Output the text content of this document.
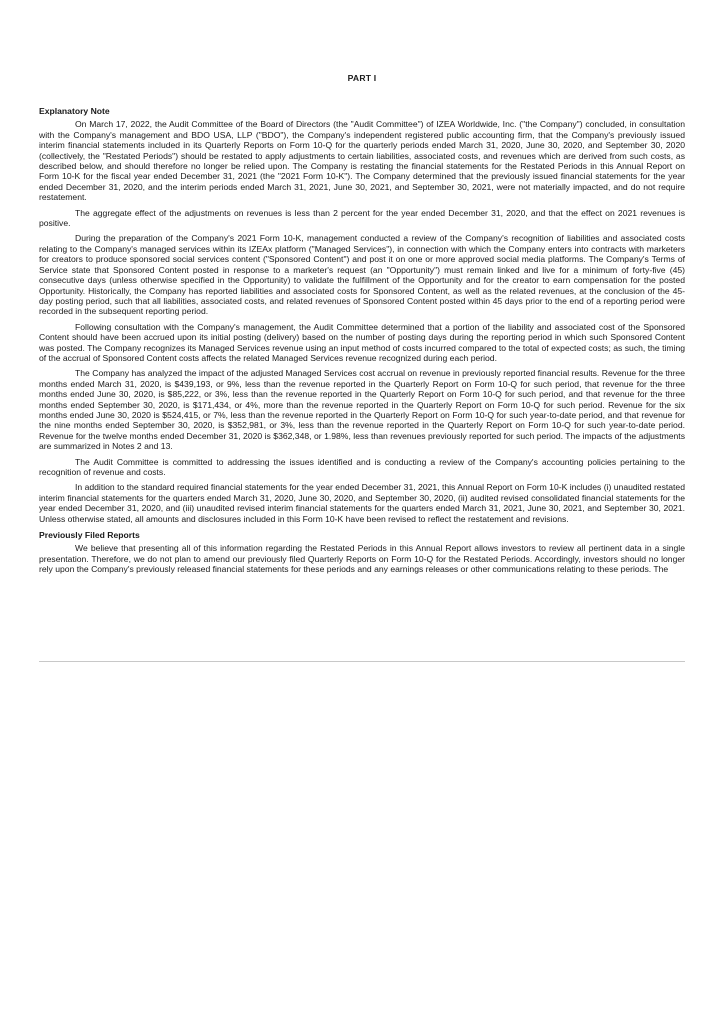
PART I
Explanatory Note

On March 17, 2022, the Audit Committee of the Board of Directors (the "Audit Committee") of IZEA Worldwide, Inc. ("the Company") concluded, in consultation with the Company's management and BDO USA, LLP ("BDO"), the Company's independent registered public accounting firm, that the Company's previously issued interim financial statements included in its Quarterly Reports on Form 10-Q for the quarterly periods ended March 31, 2020, June 30, 2020, and September 30, 2020 (collectively, the "Restated Periods") should be restated to apply adjustments to certain liabilities, associated costs, and revenues which are derived from such costs, as described below, and should therefore no longer be relied upon. The Company is restating the financial statements for the Restated Periods in this Annual Report on Form 10-K for the fiscal year ended December 31, 2021 (the "2021 Form 10-K"). The Company determined that the previously issued financial statements for the year ended December 31, 2020, and the interim periods ended March 31, 2021, June 30, 2021, and September 30, 2021, were not materially impacted, and do not require restatement.

The aggregate effect of the adjustments on revenues is less than 2 percent for the year ended December 31, 2020, and that the effect on 2021 revenues is positive.

During the preparation of the Company's 2021 Form 10-K, management conducted a review of the Company's recognition of liabilities and associated costs relating to the Company's managed services within its IZEAx platform ("Managed Services"), in connection with which the Company enters into contracts with marketers for creators to produce sponsored social services content ("Sponsored Content") and post it on one or more approved social media platforms. The Company's Terms of Service state that Sponsored Content posted in response to a marketer's request (an "Opportunity") must remain linked and live for a minimum of forty-five (45) consecutive days (unless otherwise specified in the Opportunity) to validate the fulfillment of the Opportunity and for the creator to earn compensation for the posted Opportunity. Historically, the Company has reported liabilities and associated costs for Sponsored Content, as well as the related revenues, at the conclusion of the 45-day posting period, such that all liabilities, associated costs, and related revenues of Sponsored Content posted within 45 days prior to the end of a reporting period were recorded in the subsequent reporting period.

Following consultation with the Company's management, the Audit Committee determined that a portion of the liability and associated cost of the Sponsored Content should have been accrued upon its initial posting (delivery) based on the number of posting days during the reporting period in which such Sponsored Content was posted. The Company recognizes its Managed Services revenue using an input method of costs incurred compared to the total of expected costs; as such, the timing of the accrual of Sponsored Content costs affects the related Managed Services revenue recognized during each period.

The Company has analyzed the impact of the adjusted Managed Services cost accrual on revenue in previously reported financial results. Revenue for the three months ended March 31, 2020, is $439,193, or 9%, less than the revenue reported in the Quarterly Report on Form 10-Q for such period, that revenue for the three months ended June 30, 2020, is $85,222, or 3%, less than the revenue reported in the Quarterly Report on Form 10-Q for such period, and that revenue for the three months ended September 30, 2020, is $171,434, or 4%, more than the revenue reported in the Quarterly Report on Form 10-Q for such period. Revenue for the six months ended June 30, 2020 is $524,415, or 7%, less than the revenue reported in the Quarterly Report on Form 10-Q for such year-to-date period, and that revenue for the nine months ended September 30, 2020, is $352,981, or 3%, less than the revenue reported in the Quarterly Report on Form 10-Q for such year-to-date period. Revenue for the twelve months ended December 31, 2020 is $362,348, or 1.98%, less than revenues previously reported for such period. The impacts of the adjustments are summarized in Notes 2 and 13.

The Audit Committee is committed to addressing the issues identified and is conducting a review of the Company's accounting policies pertaining to the recognition of revenue and costs.

In addition to the standard required financial statements for the year ended December 31, 2021, this Annual Report on Form 10-K includes (i) unaudited restated interim financial statements for the quarters ended March 31, 2020, June 30, 2020, and September 30, 2020, (ii) audited revised consolidated financial statements for the year ended December 31, 2020, and (iii) unaudited revised interim financial statements for the quarters ended March 31, 2021, June 30, 2021, and September 30, 2021. Unless otherwise stated, all amounts and disclosures included in this Form 10-K have been revised to reflect the restatement and revisions.

Previously Filed Reports

We believe that presenting all of this information regarding the Restated Periods in this Annual Report allows investors to review all pertinent data in a single presentation. Therefore, we do not plan to amend our previously filed Quarterly Reports on Form 10-Q for the Restated Periods. Accordingly, investors should no longer rely upon the Company's previously released financial statements for these periods and any earnings releases or other communications relating to these periods. The
